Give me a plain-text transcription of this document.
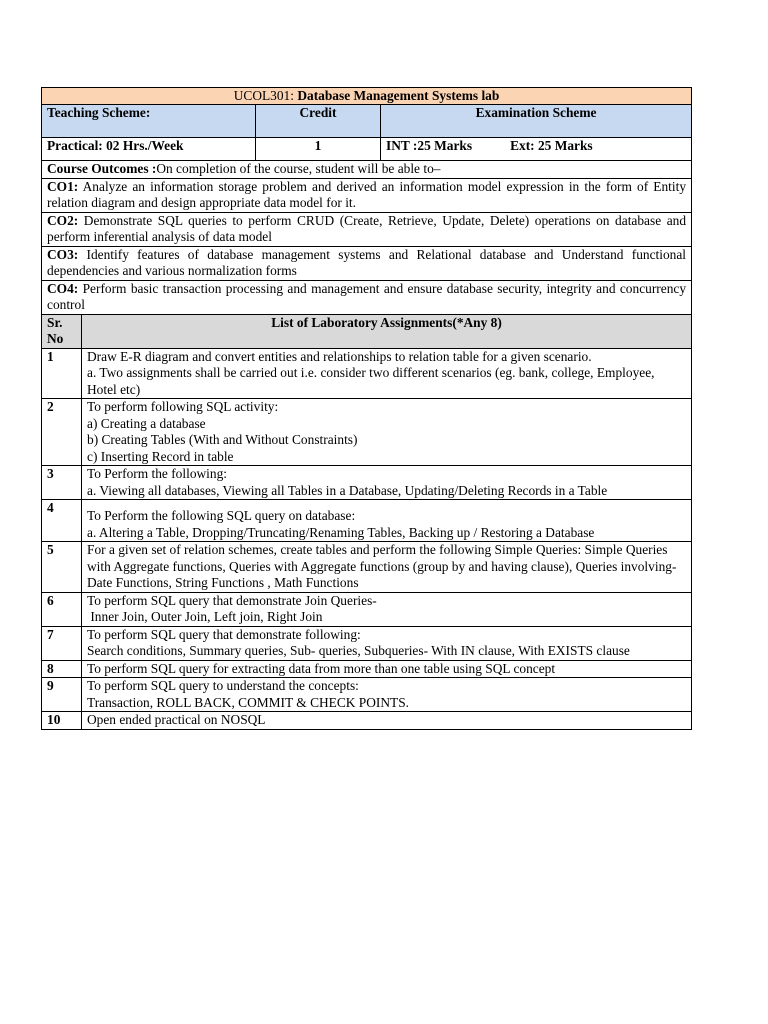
UCOL301: Database Management Systems lab			
Teaching Scheme:		Credit	Examination Scheme
Practical: 02 Hrs./Week		1	INT :25 Marks Ext: 25 Marks
Course Outcomes :On completion of the course, student will be able to–			
CO1: Analyze an information storage problem and derived an information model expression in the form of Entity relation diagram and design appropriate data model for it.			
CO2: Demonstrate SQL queries to perform CRUD (Create, Retrieve, Update, Delete) operations on database and perform inferential analysis of data model			
CO3: Identify features of database management systems and Relational database and Understand functional dependencies and various normalization forms			
CO4: Perform basic transaction processing and management and ensure database security, integrity and concurrency control			
Sr. No	List of Laboratory Assignments(*Any 8)		
1	Draw E-R diagram and convert entities and relationships to relation table for a given scenario.
a. Two assignments shall be carried out i.e. consider two different scenarios (eg. bank, college, Employee, Hotel etc)		

2	To perform following SQL activity:
a) Creating a database
b) Creating Tables (With and Without Constraints)
c) Inserting Record in table		

3	To Perform the following:
a. Viewing all databases, Viewing all Tables in a Database, Updating/Deleting Records in a Table		

4	To Perform the following SQL query on database:
a. Altering a Table, Dropping/Truncating/Renaming Tables, Backing up / Restoring a Database		

5	For a given set of relation schemes, create tables and perform the following Simple Queries: Simple Queries with Aggregate functions, Queries with Aggregate functions (group by and having clause), Queries involving- Date Functions, String Functions , Math Functions		

6	To perform SQL query that demonstrate Join Queries-
Inner Join, Outer Join, Left join, Right Join		

7	To perform SQL query that demonstrate following:
Search conditions, Summary queries, Sub- queries, Subqueries- With IN clause, With EXISTS clause		

8	To perform SQL query for extracting data from more than one table using SQL concept		

9	To perform SQL query to understand the concepts:
Transaction, ROLL BACK, COMMIT & CHECK POINTS.		

10	Open ended practical on NOSQL		
